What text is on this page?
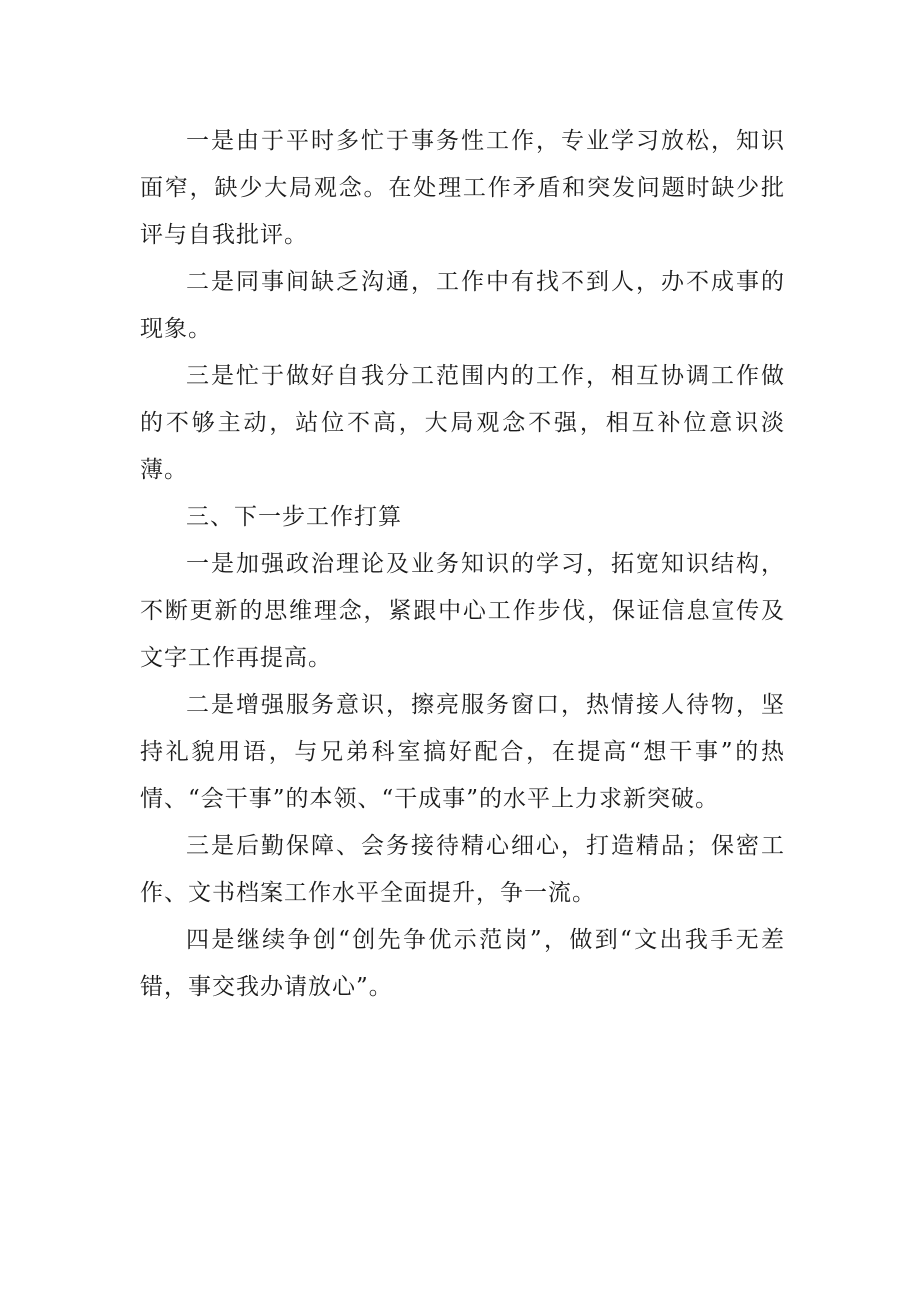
一是由于平时多忙于事务性工作，专业学习放松，知识面窄，缺少大局观念。在处理工作矛盾和突发问题时缺少批评与自我批评。

二是同事间缺乏沟通，工作中有找不到人，办不成事的现象。

三是忙于做好自我分工范围内的工作，相互协调工作做的不够主动，站位不高，大局观念不强，相互补位意识淡薄。

三、下一步工作打算

一是加强政治理论及业务知识的学习，拓宽知识结构，不断更新的思维理念，紧跟中心工作步伐，保证信息宣传及文字工作再提高。

二是增强服务意识，擦亮服务窗口，热情接人待物，坚持礼貌用语，与兄弟科室搞好配合，在提高“想干事”的热情、“会干事”的本领、“干成事”的水平上力求新突破。

三是后勤保障、会务接待精心细心，打造精品；保密工作、文书档案工作水平全面提升，争一流。

四是继续争创“创先争优示范岗”，做到“文出我手无差错，事交我办请放心”。
